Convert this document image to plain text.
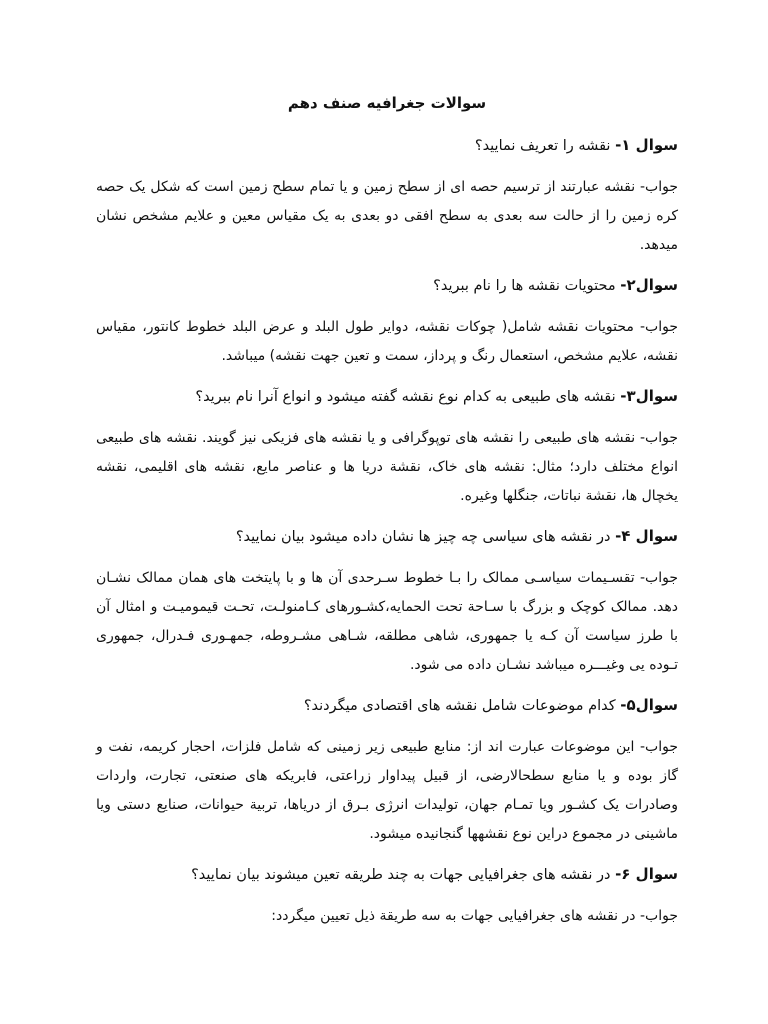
سوالات جغرافیه صنف دهم
سوال ۱- نقشه را تعریف نمایید؟
جواب- نقشه عبارتند از ترسیم حصه ای از سطح زمین و یا تمام سطح زمین است که شکل یک حصه کره زمین را از حالت سه بعدی به سطح افقی دو بعدی به یک مقیاس معین و علایم مشخص نشان میدهد.
سوال۲- محتویات نقشه ها را نام ببرید؟
جواب- محتویات نقشه شامل( چوکات نقشه، دوایر طول البلد و عرض البلد خطوط کانتور، مقیاس نقشه، علایم مشخص، استعمال رنگ و پرداز، سمت و تعین جهت نقشه) میباشد.
سوال۳- نقشه های طبیعی به کدام نوع نقشه گفته میشود و انواع آنرا نام ببرید؟
جواب- نقشه های طبیعی را نقشه های توپوگرافی و یا نقشه های فزیکی نیز گویند. نقشه های طبیعی انواع مختلف دارد؛ مثال: نقشه های خاک، نقشة دریا ها و عناصر مایع، نقشه های اقلیمی، نقشه یخچال ها، نقشة نباتات، جنگلها وغیره.
سوال ۴- در نقشه های سیاسی چه چیز ها نشان داده میشود بیان نمایید؟
جواب- تقسـیمات سیاسـی ممالک را بـا خطوط سـرحدی آن ها و با پایتخت های همان ممالک نشـان دهد. ممالک کوچک و بزرگ با سـاحة تحت الحمایه،کشـورهای کـامنولـت، تحـت قیمومیـت و امثال آن با طرز سیاست آن کـه یا جمهوری، شاهی مطلقه، شـاهی مشـروطه، جمهـوری فـدرال، جمهوری تـوده یی وغیـــره میباشد نشـان داده می شود.
سوال۵- کدام موضوعات شامل نقشه های اقتصادی میگردند؟
جواب- این موضوعات عبارت اند از: منابع طبیعی زیر زمینی که شامل فلزات، احجار کریمه، نفت و گاز بوده و یا منابع سطحالارضی، از قبیل پیداوار زراعتی، فابریکه های صنعتی، تجارت، واردات وصادرات یک کشـور ویا تمـام جهان، تولیدات انرژی بـرق از دریاها، تربیة حیوانات، صنایع دستی ویا ماشینی در مجموع دراین نوع نقشهها گنجانیده میشود.
سوال ۶- در نقشه های جغرافیایی جهات به چند طریقه تعین میشوند بیان نمایید؟
جواب- در نقشه های جغرافیایی جهات به سه طریقة ذیل تعیین میگردد:
